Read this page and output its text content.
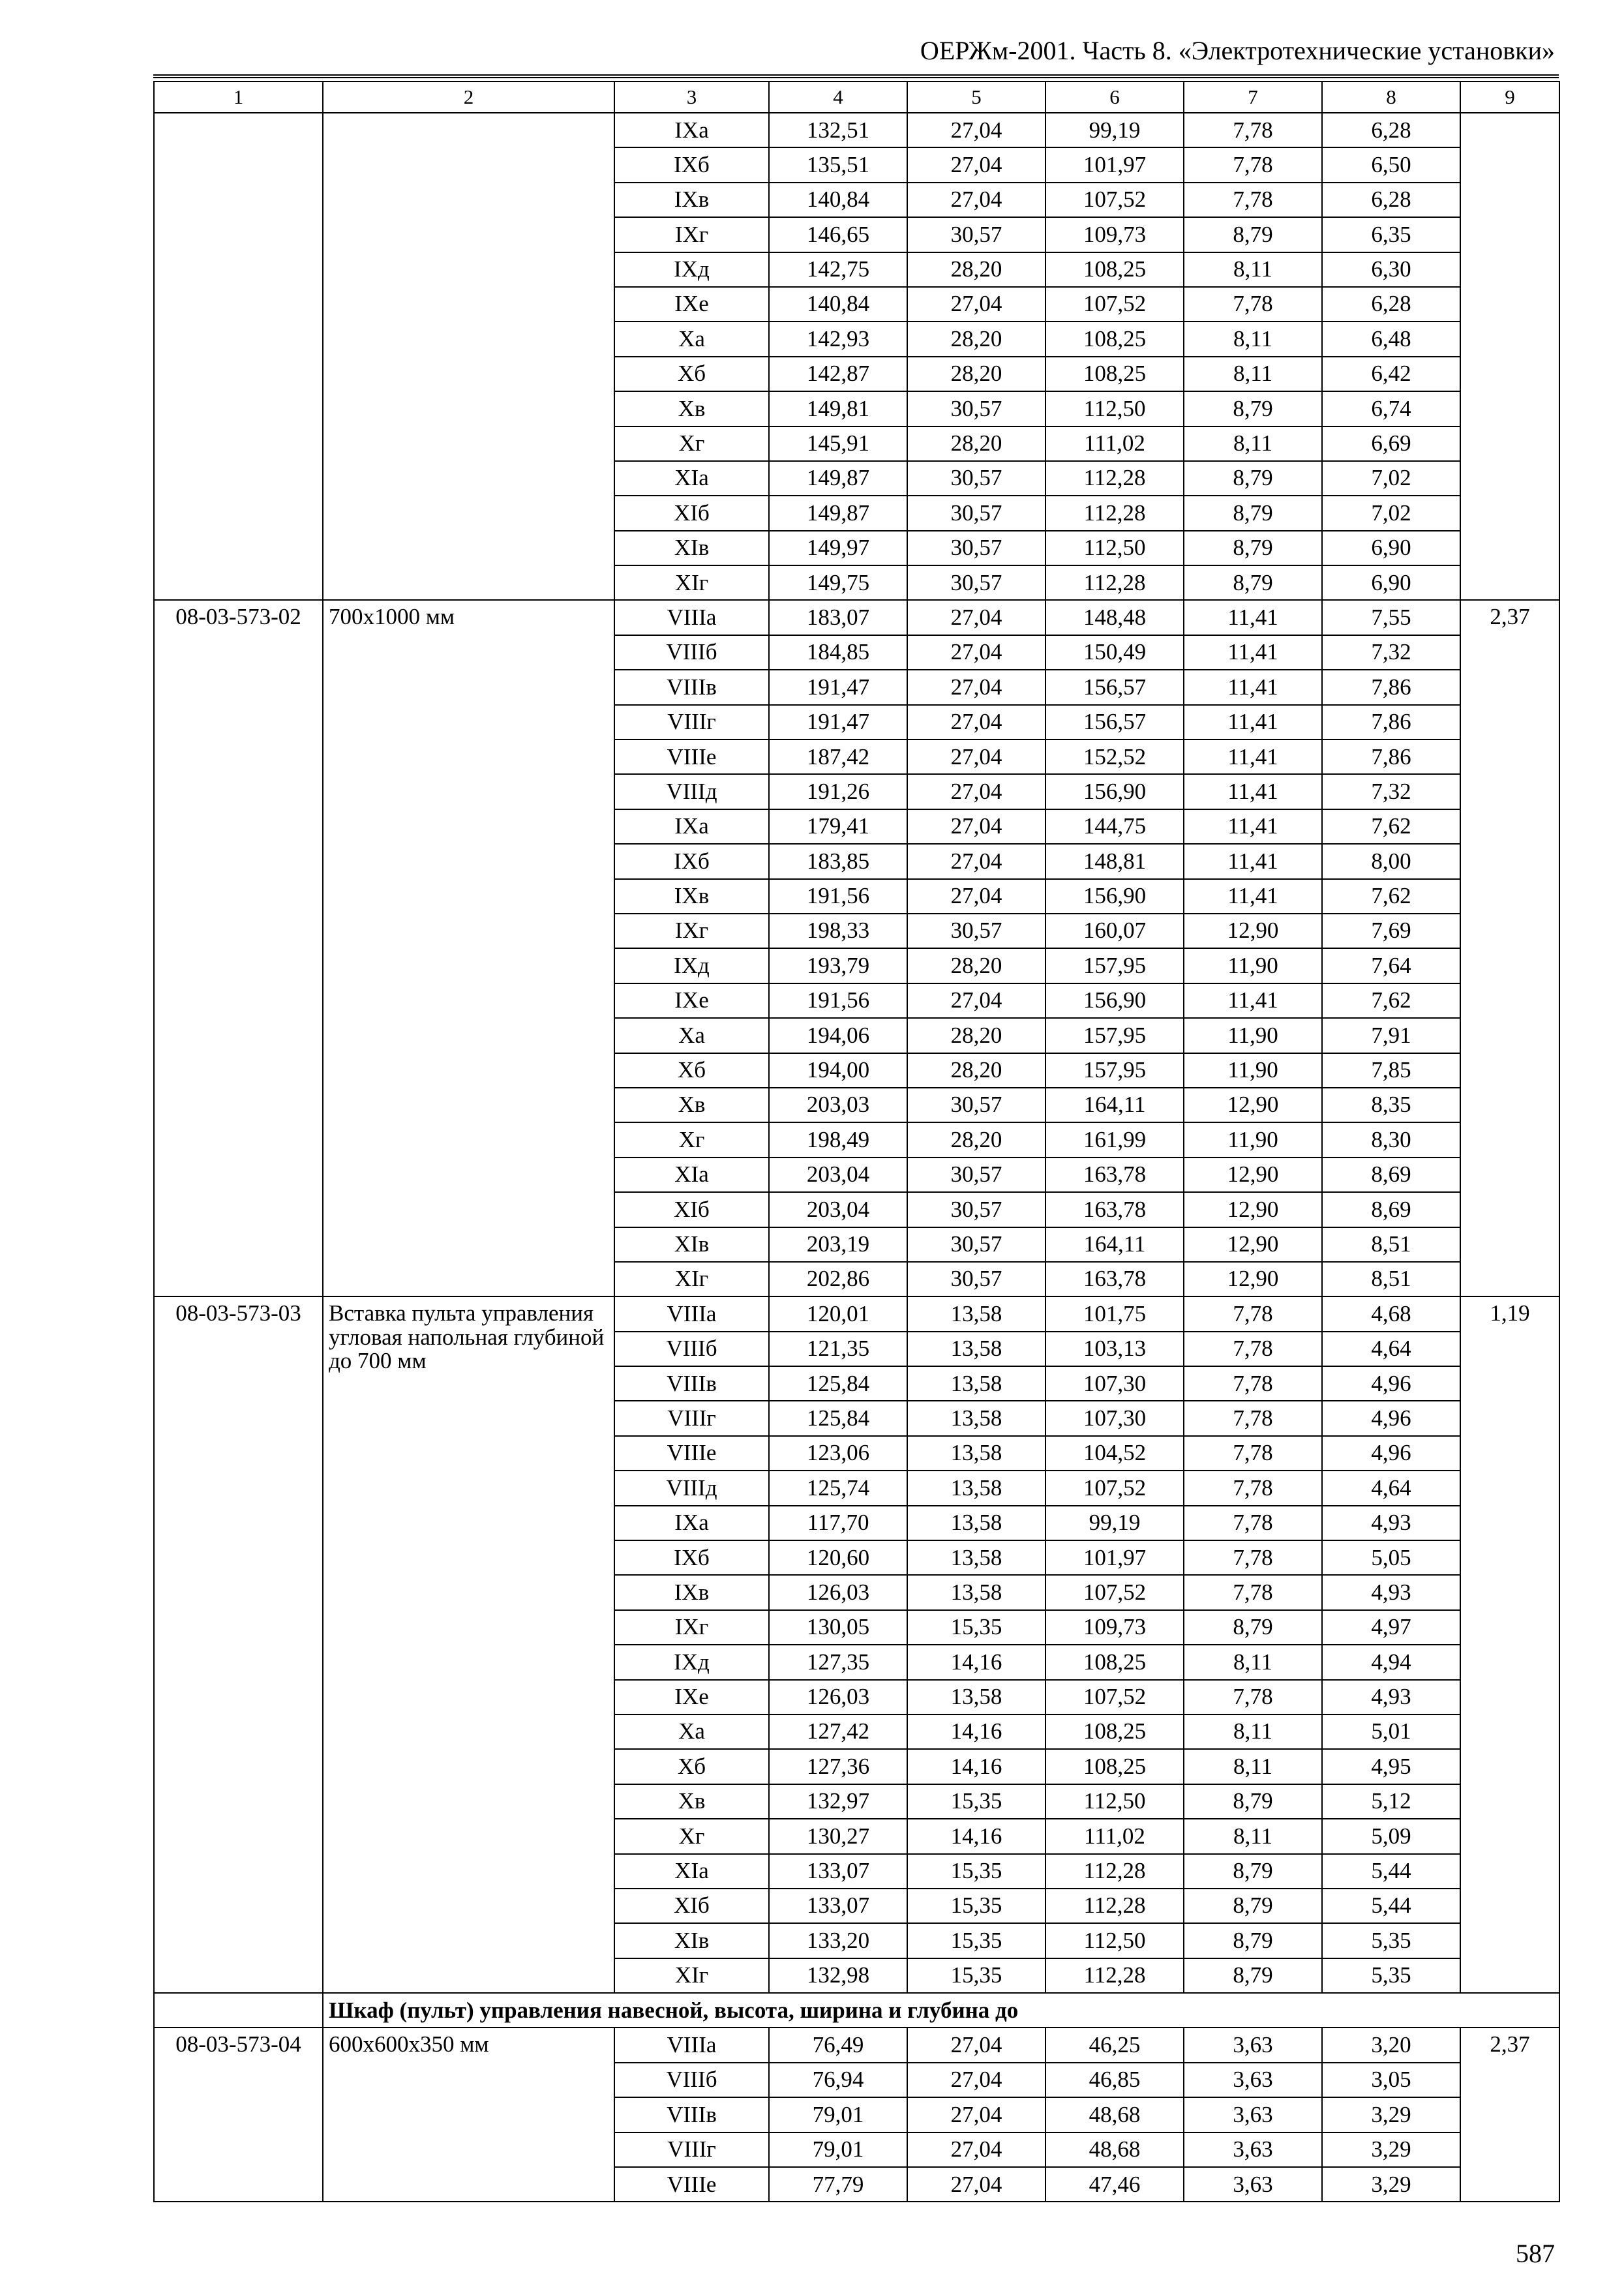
ОЕРЖм-2001. Часть 8. «Электротехнические установки»
1	2	3	4	5	6	7	8	9
		IXа	132,51	27,04	99,19	7,78	6,28	
		IXб	135,51	27,04	101,97	7,78	6,50	
		IXв	140,84	27,04	107,52	7,78	6,28	
		IXг	146,65	30,57	109,73	8,79	6,35	
		IXд	142,75	28,20	108,25	8,11	6,30	
		IXе	140,84	27,04	107,52	7,78	6,28	
		Xа	142,93	28,20	108,25	8,11	6,48	
		Xб	142,87	28,20	108,25	8,11	6,42	
		Xв	149,81	30,57	112,50	8,79	6,74	
		Xг	145,91	28,20	111,02	8,11	6,69	
		XIа	149,87	30,57	112,28	8,79	7,02	
		XIб	149,87	30,57	112,28	8,79	7,02	
		XIв	149,97	30,57	112,50	8,79	6,90	
		XIг	149,75	30,57	112,28	8,79	6,90	
08-03-573-02	700x1000 мм	VIIIа	183,07	27,04	148,48	11,41	7,55	2,37
		VIIIб	184,85	27,04	150,49	11,41	7,32	
		VIIIв	191,47	27,04	156,57	11,41	7,86	
		VIIIг	191,47	27,04	156,57	11,41	7,86	
		VIIIе	187,42	27,04	152,52	11,41	7,86	
		VIIIд	191,26	27,04	156,90	11,41	7,32	
		IXа	179,41	27,04	144,75	11,41	7,62	
		IXб	183,85	27,04	148,81	11,41	8,00	
		IXв	191,56	27,04	156,90	11,41	7,62	
		IXг	198,33	30,57	160,07	12,90	7,69	
		IXд	193,79	28,20	157,95	11,90	7,64	
		IXе	191,56	27,04	156,90	11,41	7,62	
		Xа	194,06	28,20	157,95	11,90	7,91	
		Xб	194,00	28,20	157,95	11,90	7,85	
		Xв	203,03	30,57	164,11	12,90	8,35	
		Xг	198,49	28,20	161,99	11,90	8,30	
		XIа	203,04	30,57	163,78	12,90	8,69	
		XIб	203,04	30,57	163,78	12,90	8,69	
		XIв	203,19	30,57	164,11	12,90	8,51	
		XIг	202,86	30,57	163,78	12,90	8,51	
08-03-573-03	Вставка пульта управления угловая напольная глубиной до 700 мм	VIIIа	120,01	13,58	101,75	7,78	4,68	1,19
		VIIIб	121,35	13,58	103,13	7,78	4,64	
		VIIIв	125,84	13,58	107,30	7,78	4,96	
		VIIIг	125,84	13,58	107,30	7,78	4,96	
		VIIIе	123,06	13,58	104,52	7,78	4,96	
		VIIIд	125,74	13,58	107,52	7,78	4,64	
		IXа	117,70	13,58	99,19	7,78	4,93	
		IXб	120,60	13,58	101,97	7,78	5,05	
		IXв	126,03	13,58	107,52	7,78	4,93	
		IXг	130,05	15,35	109,73	8,79	4,97	
		IXд	127,35	14,16	108,25	8,11	4,94	
		IXе	126,03	13,58	107,52	7,78	4,93	
		Xа	127,42	14,16	108,25	8,11	5,01	
		Xб	127,36	14,16	108,25	8,11	4,95	
		Xв	132,97	15,35	112,50	8,79	5,12	
		Xг	130,27	14,16	111,02	8,11	5,09	
		XIа	133,07	15,35	112,28	8,79	5,44	
		XIб	133,07	15,35	112,28	8,79	5,44	
		XIв	133,20	15,35	112,50	8,79	5,35	
		XIг	132,98	15,35	112,28	8,79	5,35	
	Шкаф (пульт) управления навесной, высота, ширина и глубина до							
08-03-573-04	600x600x350 мм	VIIIа	76,49	27,04	46,25	3,63	3,20	2,37
		VIIIб	76,94	27,04	46,85	3,63	3,05	
		VIIIв	79,01	27,04	48,68	3,63	3,29	
		VIIIг	79,01	27,04	48,68	3,63	3,29	
		VIIIе	77,79	27,04	47,46	3,63	3,29	
587
